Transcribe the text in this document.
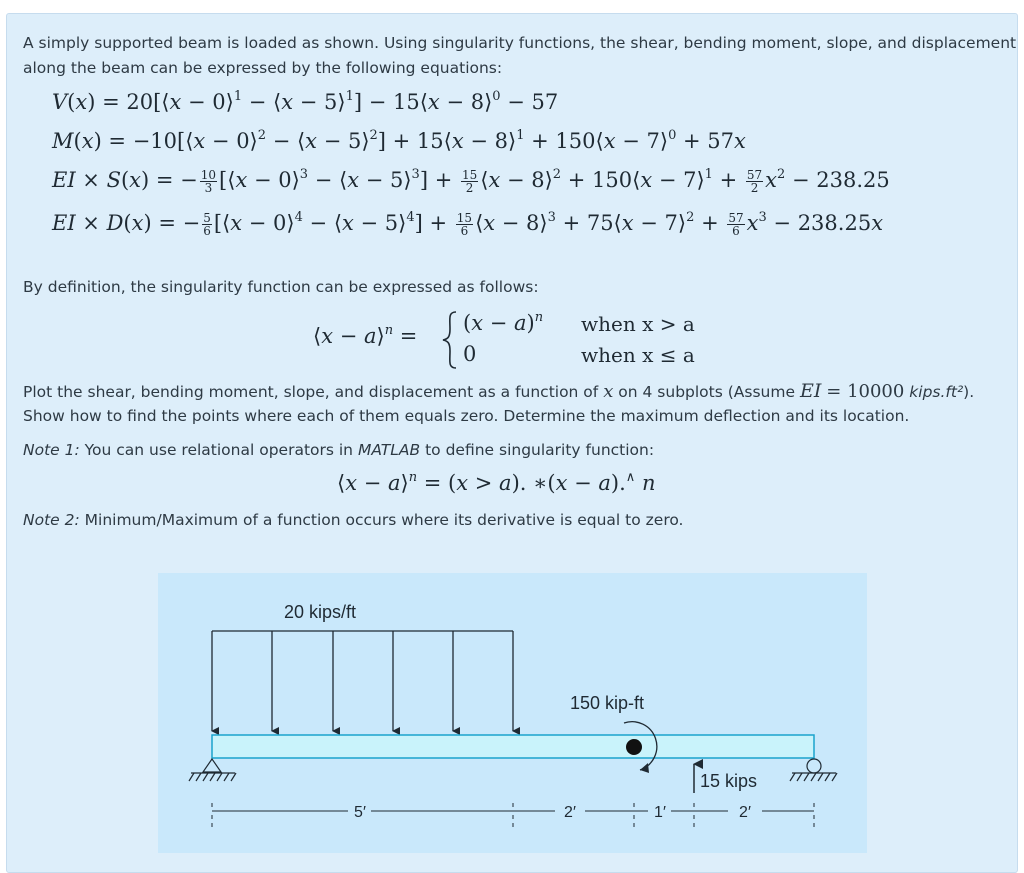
A simply supported beam is loaded as shown. Using singularity functions, the shear, bending moment, slope, and displacement
along the beam can be expressed by the following equations:
V(x) = 20[⟨x − 0⟩$^1$ − ⟨x − 5⟩$^1$] − 15⟨x − 8⟩$^0$ − 57
M(x) = −10[⟨x − 0⟩$^2$ − ⟨x − 5⟩$^2$] + 15⟨x − 8⟩$^1$ + 150⟨x − 7⟩$^0$ + 57x
EI × S(x) = − $\frac{10}{3}$ [⟨x − 0⟩$^3$ − ⟨x − 5⟩$^3$] + $\frac{15}{2}$ ⟨x − 8⟩$^2$ + 150⟨x − 7⟩$^1$ + $\frac{57}{2} x^2 - 238.25$
EI × D(x) = − $\frac{5}{6}$ [⟨x − 0⟩$^4$ − ⟨x − 5⟩$^4$] + $\frac{15}{6}$ ⟨x − 8⟩$^3$ + 75⟨x − 7⟩$^2$ + $\frac{57}{6} x^3 - 238.25x$
By definition, the singularity function can be expressed as follows:
⟨x − a⟩$^n$ =
$(x - a)^n$ when x > a
0	when x ≤ a
Plot the shear, bending moment, slope, and displacement as a function of x on 4 subplots (Assume EI = 10000 kips.ft²).
Show how to find the points where each of them equals zero. Determine the maximum deflection and its location.
Note 1: You can use relational operators in MATLAB to define singularity function:
⟨x − a⟩$^n$ = (x > a). ∗(x − a).∧ n
Note 2: Minimum/Maximum of a function occurs where its derivative is equal to zero.
20 kips/ft
150 kip-ft
15 kips
5′	2′	1′	2′
